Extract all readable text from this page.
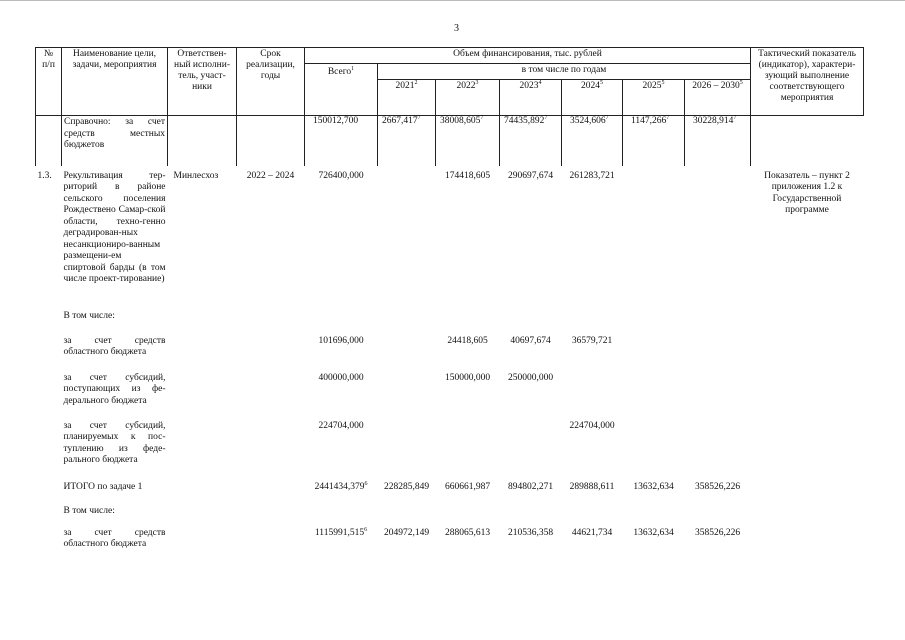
3
№
п/п	Наименование цели, задачи, мероприятия	Ответствен-
ный исполни-
тель, участ-
ники	Срок
реализации,
годы	Объем финансирования, тыс. рублей							Тактический показатель (индикатор), характери-зующий выполнение соответствующего мероприятия
				Всего$^1$	в том числе по годам						
					2021$^2$	2022$^3$	2023$^4$	2024$^5$	2025$^5$	2026 – 2030$^5$
	Справочно: за счет средств местных бюджетов			150012,700	2667,417$^7$	38008,605$^7$	74435,892$^7$	3524,606$^7$	1147,266$^7$	30228,914$^7$	
1.3.	Рекультивация тер-риторий в районе сельского поселения Рождествено Самар-ской области, техно-генно деградирован-ных несанкциониро-ванным размещени-ем спиртовой барды (в том числе проект-тирование)	Минлесхоз	2022 – 2024	726400,000		174418,605	290697,674	261283,721			Показатель – пункт 2 приложения 1.2 к Государственной программе
	В том числе:										
	за счет средств областного бюджета			101696,000		24418,605	40697,674	36579,721			
	за счет субсидий, поступающих из фе-дерального бюджета			400000,000		150000,000	250000,000				
	за счет субсидий, планируемых к пос-туплению из феде-рального бюджета			224704,000				224704,000			
	ИТОГО по задаче 1			2441434,379$^6$	228285,849	660661,987	894802,271	289888,611	13632,634	358526,226	
	В том числе:										
	за счет средств областного бюджета			1115991,515$^6$	204972,149	288065,613	210536,358	44621,734	13632,634	358526,226	
